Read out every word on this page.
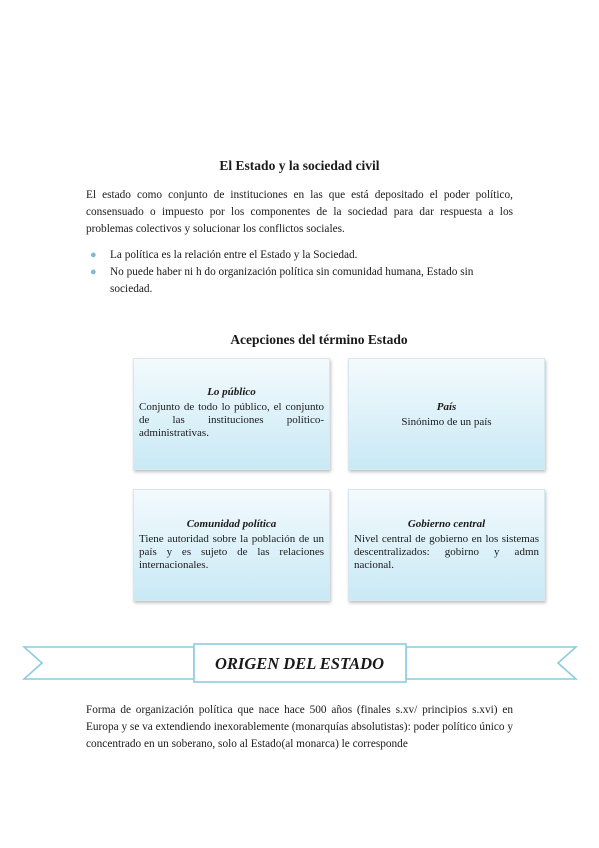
El Estado y la sociedad civil
El estado como conjunto de instituciones en las que está depositado el poder político, consensuado o impuesto por los componentes de la sociedad para dar respuesta a los problemas colectivos y solucionar los conflictos sociales.
● La política es la relación entre el Estado y la Sociedad.
● No puede haber ni h do organización política sin comunidad humana, Estado sin sociedad.
Acepciones del término Estado
Lo público
Conjunto de todo lo público, el conjunto de las instituciones político-administrativas.
País
Sinónimo de un país
Comunidad política
Tiene autoridad sobre la población de un país y es sujeto de las relaciones internacionales.
Gobierno central
Nivel central de gobierno en los sistemas descentralizados: gobirno y admn nacional.
ORIGEN DEL ESTADO
Forma de organización política que nace hace 500 años (finales s.xv/ principios s.xvi) en Europa y se va extendiendo inexorablemente (monarquías absolutistas): poder político único y concentrado en un soberano, solo al Estado(al monarca) le corresponde
